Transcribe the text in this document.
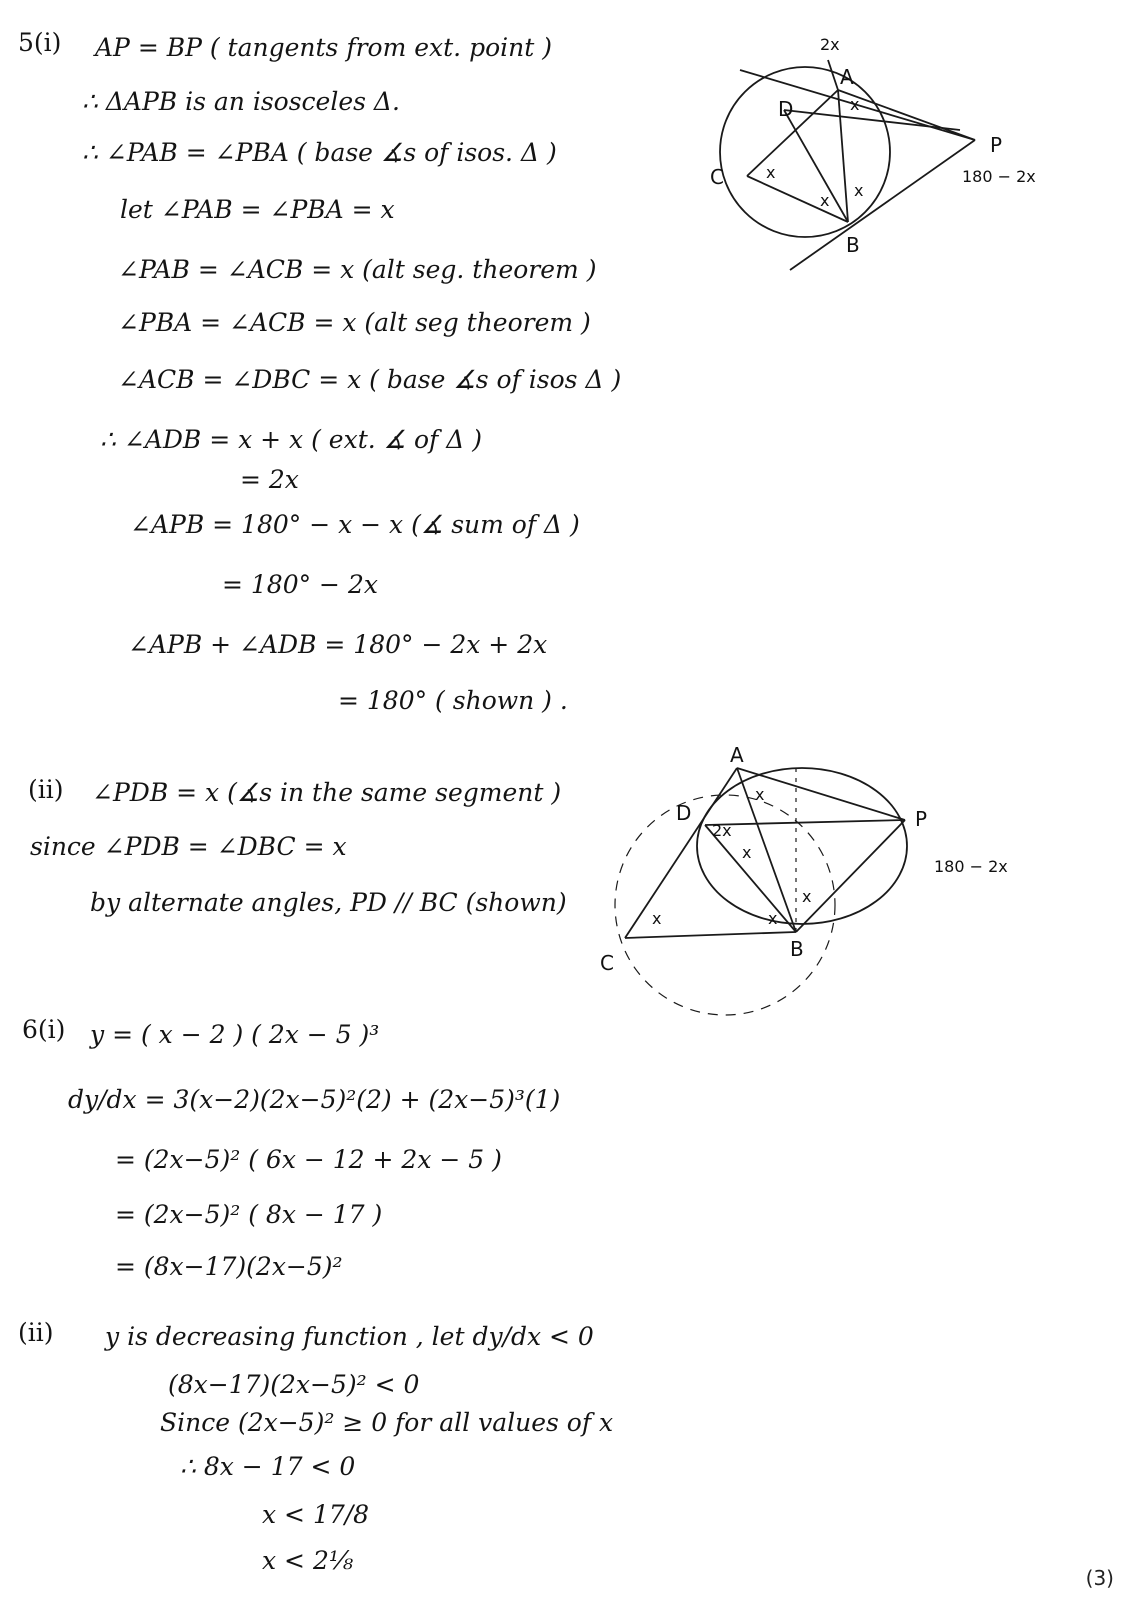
5(i) AP = BP ( tangents from ext. point )
∴ ΔAPB is an isosceles Δ.
∴ ∠PAB = ∠PBA ( base ∡s of isos. Δ )
let ∠PAB = ∠PBA = x
∠PAB = ∠ACB = x (alt seg. theorem )
∠PBA = ∠ACB = x (alt seg theorem )
∠ACB = ∠DBC = x ( base ∡s of isos Δ )
∴ ∠ADB = x + x ( ext. ∡ of Δ )
= 2x
∠APB = 180° − x − x (∡ sum of Δ )
= 180° − 2x
∠APB + ∠ADB = 180° − 2x + 2x
= 180° ( shown ) .
A
D
C
B
P
2x
x
x
x
x
180 − 2x
(ii) ∠PDB = x (∡s in the same segment )
since ∠PDB = ∠DBC = x
by alternate angles, PD // BC (shown)
A
D	P
C
B
x
2x
x
x	x
x
180 − 2x
6(i) y = ( x − 2 ) ( 2x − 5 )³
dy/dx = 3(x−2)(2x−5)²(2) + (2x−5)³(1)
= (2x−5)² ( 6x − 12 + 2x − 5 )
= (2x−5)² ( 8x − 17 )
= (8x−17)(2x−5)²
(ii) y is decreasing function , let dy/dx < 0
(8x−17)(2x−5)² < 0
Since (2x−5)² ≥ 0 for all values of x
∴ 8x − 17 < 0
x < 17/8
x < 2⅛
(3)
